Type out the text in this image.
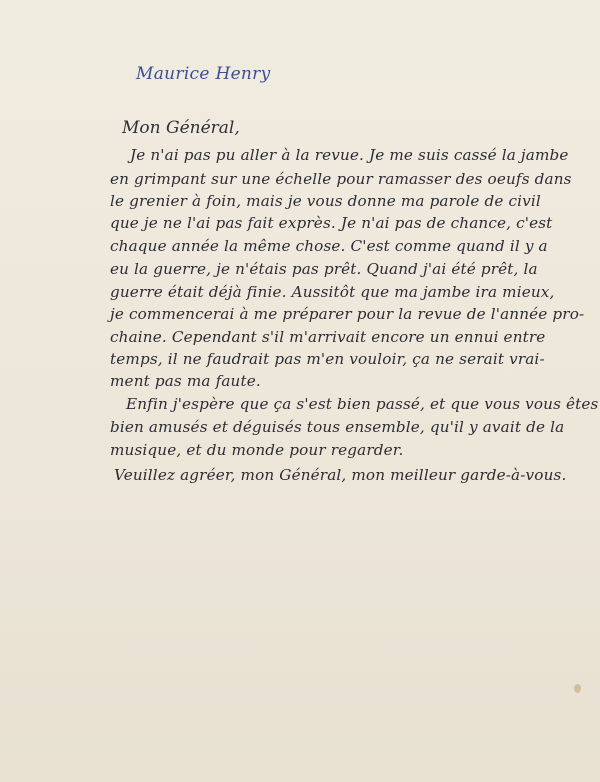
Maurice Henry
Mon Général,
Je n'ai pas pu aller à la revue. Je me suis cassé la jambe
en grimpant sur une échelle pour ramasser des oeufs dans
le grenier à foin, mais je vous donne ma parole de civil
que je ne l'ai pas fait exprès. Je n'ai pas de chance, c'est
chaque année la même chose. C'est comme quand il y a
eu la guerre, je n'étais pas prêt. Quand j'ai été prêt, la
guerre était déjà finie. Aussitôt que ma jambe ira mieux,
je commencerai à me préparer pour la revue de l'année pro-
chaine. Cependant s'il m'arrivait encore un ennui entre
temps, il ne faudrait pas m'en vouloir, ça ne serait vrai-
ment pas ma faute.
Enfin j'espère que ça s'est bien passé, et que vous vous êtes
bien amusés et déguisés tous ensemble, qu'il y avait de la
musique, et du monde pour regarder.
Veuillez agréer, mon Général, mon meilleur garde-à-vous.
